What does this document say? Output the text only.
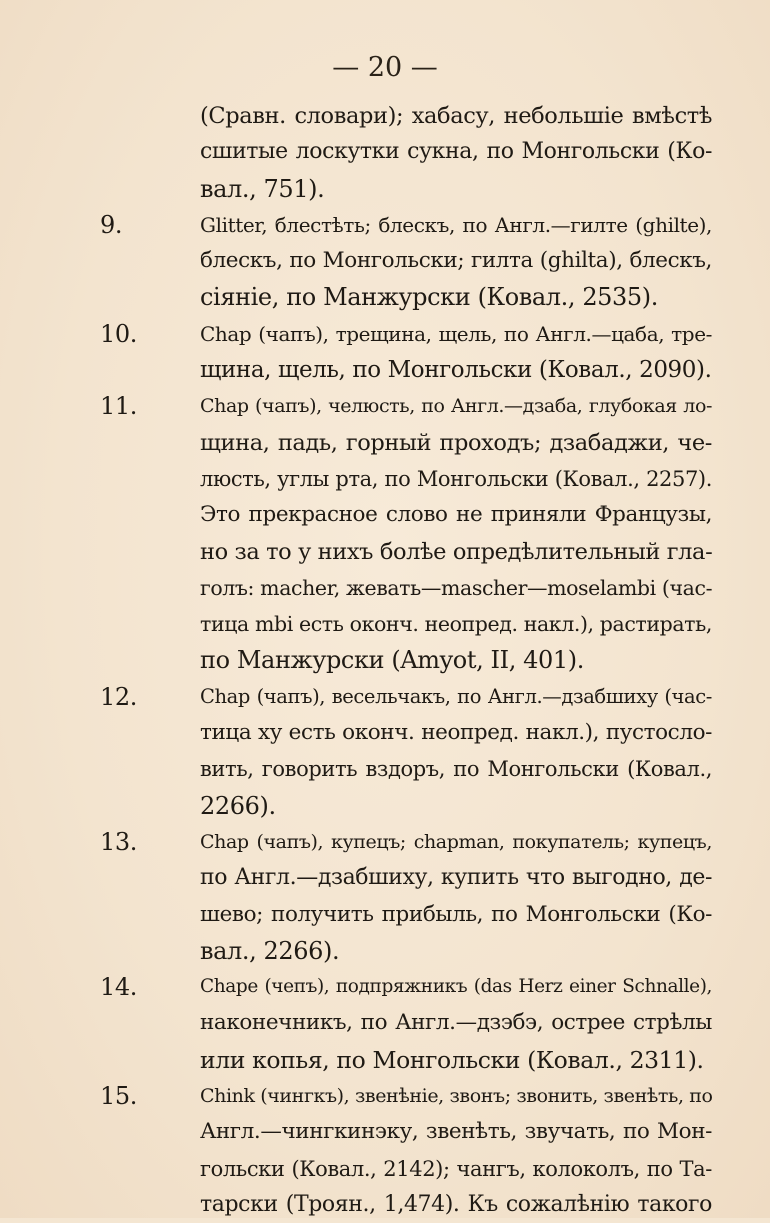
— 20 —
(Сравн. словари); хабасу, небольшіе вмѣстѣ
сшитые лоскутки сукна, по Монгольски (Ко-
вал., 751).
9.	Glitter, блестѣть; блескъ, по Англ.—гилте (ghilte),
блескъ, по Монгольски; гилта (ghilta), блескъ,
сіяніе, по Манжурски (Ковал., 2535).
10.	Chap (чапъ), трещина, щель, по Англ.—цаба, тре-
щина, щель, по Монгольски (Ковал., 2090).
11.	Chap (чапъ), челюсть, по Англ.—дзаба, глубокая ло-
щина, падь, горный проходъ; дзабаджи, че-
люсть, углы рта, по Монгольски (Ковал., 2257).
Это прекрасное слово не приняли Французы,
но за то у нихъ болѣе опредѣлительный гла-
голъ: macher, жевать—mascher—moselambi (час-
тица mbi есть оконч. неопред. накл.), растирать,
по Манжурски (Amyot, II, 401).
12.	Chap (чапъ), весельчакъ, по Англ.—дзабшиху (час-
тица ху есть оконч. неопред. накл.), пустосло-
вить, говорить вздоръ, по Монгольски (Ковал.,
2266).
13.	Chap (чапъ), купецъ; chapman, покупатель; купецъ,
по Англ.—дзабшиху, купить что выгодно, де-
шево; получить прибыль, по Монгольски (Ко-
вал., 2266).
14.	Chape (чепъ), подпряжникъ (das Herz einer Schnalle),
наконечникъ, по Англ.—дзэбэ, острее стрѣлы
или копья, по Монгольски (Ковал., 2311).
15.	Chink (чингкъ), звенѣніе, звонъ; звонить, звенѣть, по
Англ.—чингкинэку, звенѣть, звучать, по Мон-
гольски (Ковал., 2142); чангъ, колоколъ, по Та-
тарски (Троян., 1,474). Къ сожалѣнію такого
